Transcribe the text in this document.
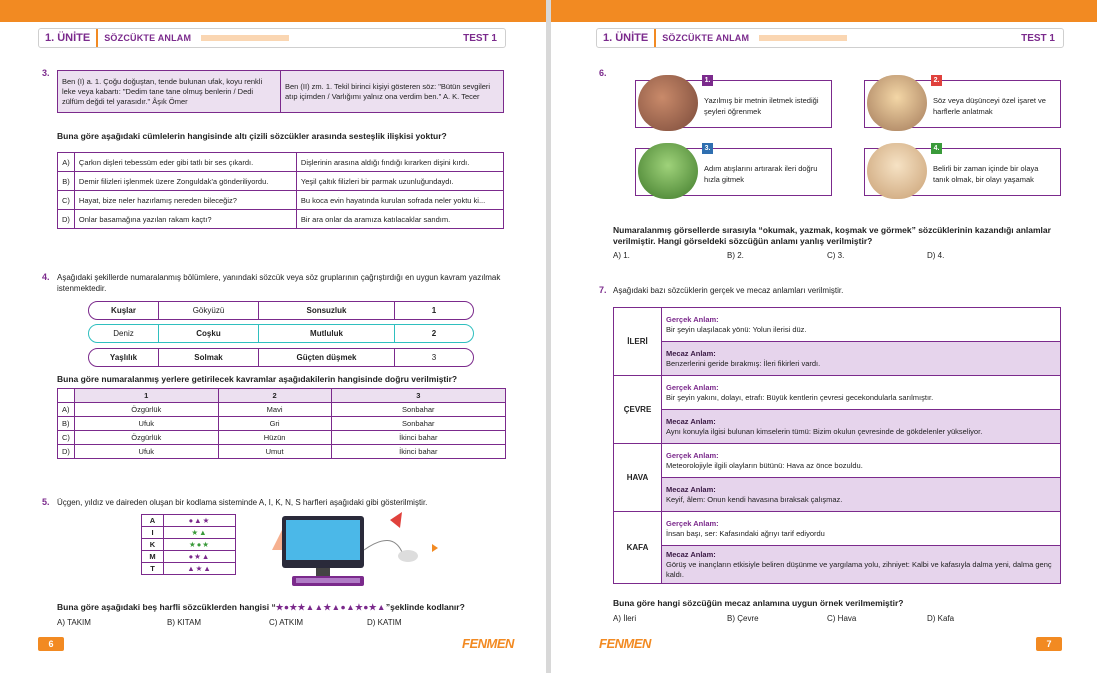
1. ÜNİTE	SÖZCÜKTE ANLAM	TEST 1
3.
Ben (I) a. 1. Çoğu doğuştan, tende bulunan ufak, koyu renkli leke veya kabartı: "Dedim tane tane olmuş benlerin / Dedi zülfüm değdi tel yarasıdır." Âşık Ömer	Ben (II) zm. 1. Tekil birinci kişiyi gösteren söz: "Bütün sevgileri atıp içimden / Varlığımı yalnız ona verdim ben." A. K. Tecer
Buna göre aşağıdaki cümlelerin hangisinde altı çizili sözcükler arasında sesteşlik ilişkisi yoktur?
A)	Çarkın dişleri tebessüm eder gibi tatlı bir ses çıkardı.	Dişlerinin arasına aldığı fındığı kırarken dişini kırdı.
B)	Demir filizleri işlenmek üzere Zonguldak'a gönderiliyordu.	Yeşil çaltık filizleri bir parmak uzunluğundaydı.
C)	Hayat, bize neler hazırlamış nereden bileceğiz?	Bu koca evin hayatında kurulan sofrada neler yoktu ki...
D)	Onlar basamağına yazılan rakam kaçtı?	Bir ara onlar da aramıza katılacaklar sandım.
4. Aşağıdaki şekillerde numaralanmış bölümlere, yanındaki sözcük veya söz gruplarının çağrıştırdığı en uygun kavram yazılmak istenmektedir.
Kuşlar	Gökyüzü	Sonsuzluk	1
Deniz	Coşku	Mutluluk	2
Yaşlılık	Solmak	Güçten düşmek	3
Buna göre numaralanmış yerlere getirilecek kavramlar aşağıdakilerin hangisinde doğru verilmiştir?
	1	2	3
A)	Özgürlük	Mavi	Sonbahar
B)	Ufuk	Gri	Sonbahar
C)	Özgürlük	Hüzün	İkinci bahar
D)	Ufuk	Umut	İkinci bahar
5. Üçgen, yıldız ve daireden oluşan bir kodlama sisteminde A, I, K, N, S harfleri aşağıdaki gibi gösterilmiştir.
A	●▲★
I	★▲
K	★●★
M	●★▲
T	▲★▲
Buna göre aşağıdaki beş harfli sözcüklerden hangisi “★●★★▲▲★▲●▲★●★▲”şeklinde kodlanır?
A) TAKIM	B) KITAM	C) ATKIM	D) KATIM
6	FENMEN
1. ÜNİTE	SÖZCÜKTE ANLAM	TEST 1
6.
1.
Yazılmış bir metnin iletmek istediği şeyleri öğrenmek
2.
Söz veya düşünceyi özel işaret ve harflerle anlatmak
3.
Adım atışlarını artırarak ileri doğru hızla gitmek
4.
Belirli bir zaman içinde bir olaya tanık olmak, bir olayı yaşamak
Numaralanmış görsellerde sırasıyla “okumak, yazmak, koşmak ve görmek” sözcüklerinin kazandığı anlamlar verilmiştir. Hangi görseldeki sözcüğün anlamı yanlış verilmiştir?
A) 1.	B) 2.	C) 3.	D) 4.
7. Aşağıdaki bazı sözcüklerin gerçek ve mecaz anlamları verilmiştir.
Buna göre hangi sözcüğün mecaz anlamına uygun örnek verilmemiştir?
A) İleri	B) Çevre	C) Hava	D) Kafa
7
FENMEN
İLERİ	Gerçek Anlam:
Bir şeyin ulaşılacak yönü: Yolun ilerisi düz.

	Mecaz Anlam:
Benzerlerini geride bırakmış: İleri fikirleri vardı.
ÇEVRE	Gerçek Anlam:
Bir şeyin yakını, dolayı, etrafı: Büyük kentlerin çevresi gecekondularla sarılmıştır.

	Mecaz Anlam:
Aynı konuyla ilgisi bulunan kimselerin tümü: Bizim okulun çevresinde de gökdelenler yükseliyor.
HAVA	Gerçek Anlam:
Meteorolojiyle ilgili olayların bütünü: Hava az önce bozuldu.

	Mecaz Anlam:
Keyif, âlem: Onun kendi havasına bıraksak çalışmaz.
KAFA	Gerçek Anlam:
İnsan başı, ser: Kafasındaki ağrıyı tarif ediyordu

	Mecaz Anlam:
Görüş ve inançların etkisiyle beliren düşünme ve yargılama yolu, zihniyet: Kalbi ve kafasıyla dalma yeni, dalma genç kaldı.
